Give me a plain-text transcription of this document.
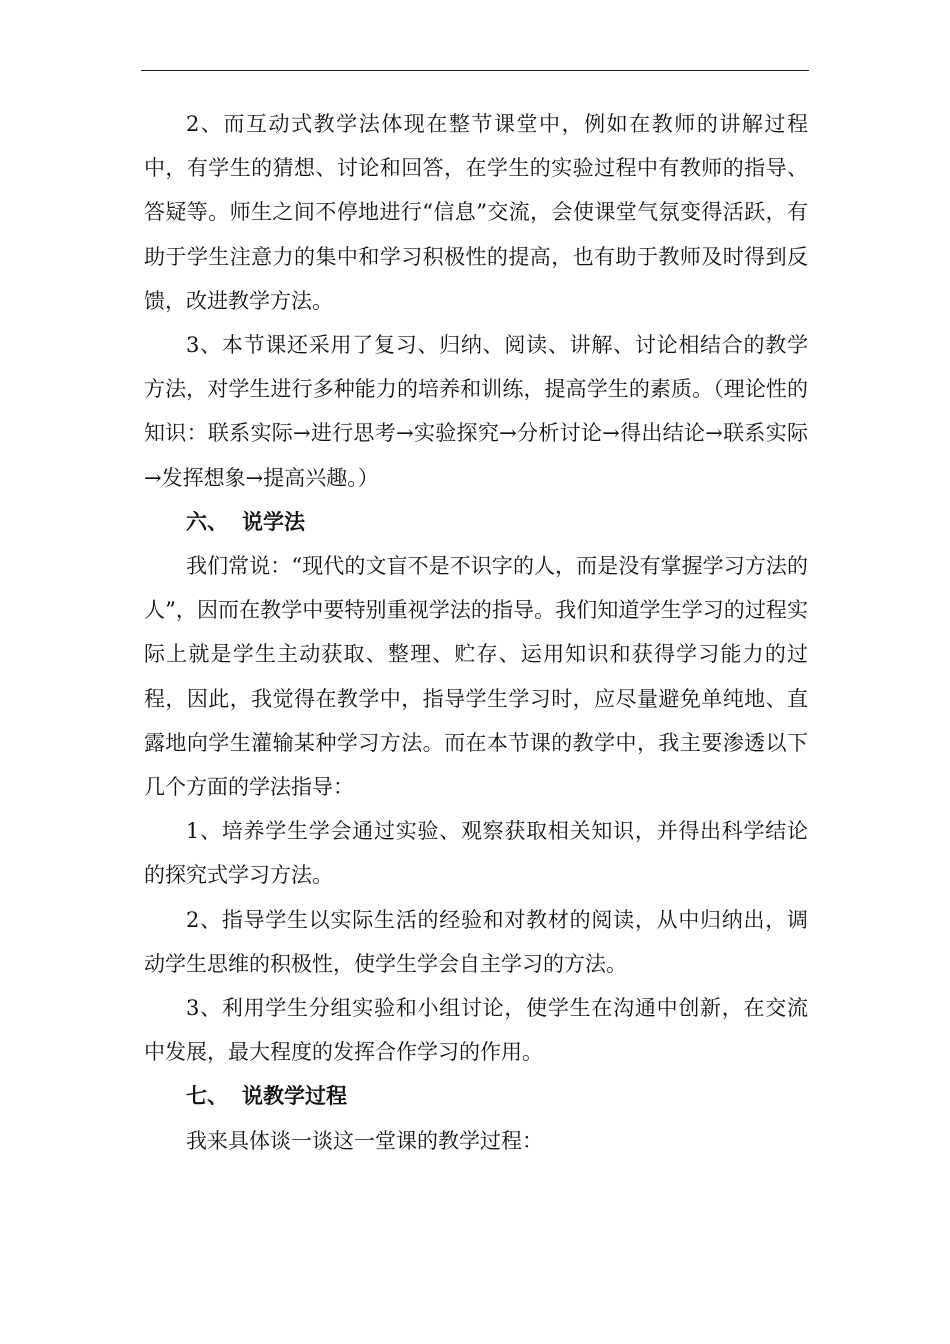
2、而互动式教学法体现在整节课堂中，例如在教师的讲解过程中，有学生的猜想、讨论和回答，在学生的实验过程中有教师的指导、答疑等。师生之间不停地进行“信息”交流，会使课堂气氛变得活跃，有助于学生注意力的集中和学习积极性的提高，也有助于教师及时得到反馈，改进教学方法。

3、本节课还采用了复习、归纳、阅读、讲解、讨论相结合的教学方法，对学生进行多种能力的培养和训练，提高学生的素质。（理论性的知识：联系实际→进行思考→实验探究→分析讨论→得出结论→联系实际→发挥想象→提高兴趣。）

六、 说学法

我们常说：“现代的文盲不是不识字的人，而是没有掌握学习方法的人”，因而在教学中要特别重视学法的指导。我们知道学生学习的过程实际上就是学生主动获取、整理、贮存、运用知识和获得学习能力的过程，因此，我觉得在教学中，指导学生学习时，应尽量避免单纯地、直露地向学生灌输某种学习方法。而在本节课的教学中，我主要渗透以下几个方面的学法指导：

1、培养学生学会通过实验、观察获取相关知识，并得出科学结论的探究式学习方法。

2、指导学生以实际生活的经验和对教材的阅读，从中归纳出，调动学生思维的积极性，使学生学会自主学习的方法。

3、利用学生分组实验和小组讨论，使学生在沟通中创新，在交流中发展，最大程度的发挥合作学习的作用。

七、 说教学过程

我来具体谈一谈这一堂课的教学过程：
